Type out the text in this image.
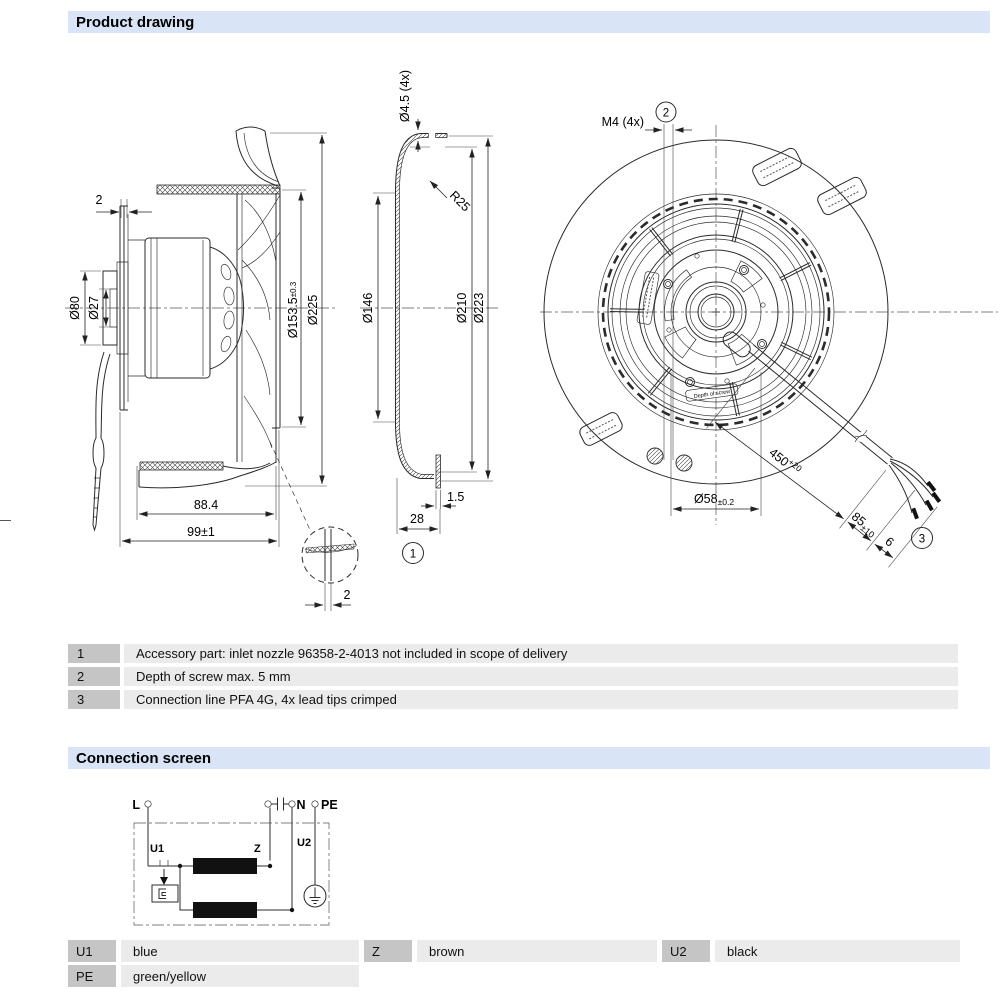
Product drawing
2
Ø80 Ø27	Ø153.5±0.3
Ø225
88.4
99±1
2
Ø4.5 (4x)
R25
Ø146	Ø210 Ø223
1.5
28
1
Depth of screw
M4 (4x)
2
Ø58±0.2
$450^{+20}$
$85_{\pm 10}$
6 3
1	Accessory part: inlet nozzle 96358-2-4013 not included in scope of delivery
2	Depth of screw max. 5 mm
3	Connection line PFA 4G, 4x lead tips crimped
Connection screen
L	N PE
U1	Z	U2
U1	blue	Z	brown	U2	black
PE	green/yellow
